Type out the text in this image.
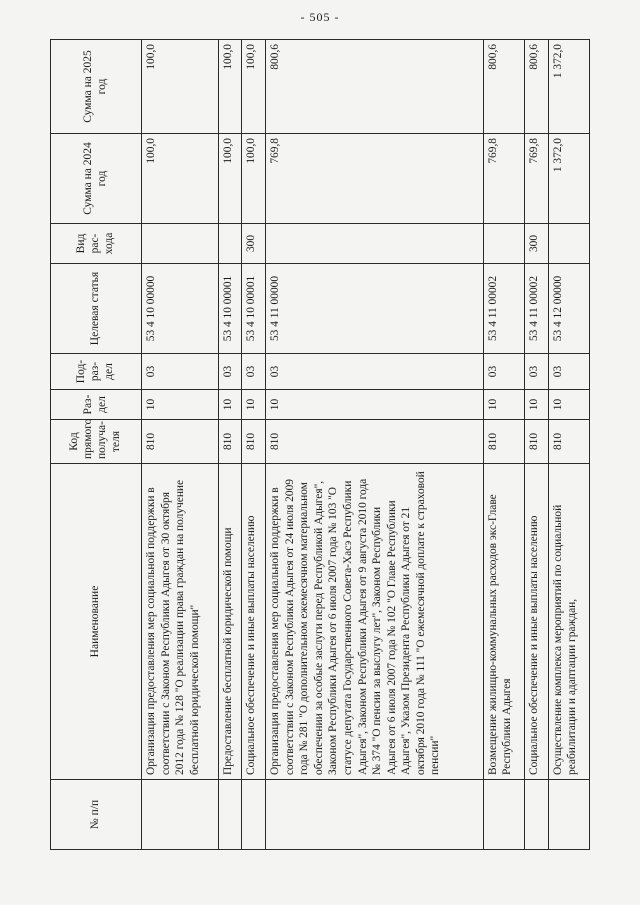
- 505 -
№ п/п	Наименование	Код прямого получа-теля	Раз-дел	Под-раз-дел	Целевая статья	Вид рас-хода	Сумма на 2024 год	Сумма на 2025 год
	Организация предоставления мер социальной поддержки в соответствии с Законом Республики Адыгея от 30 октября 2012 года № 128 "О реализации права граждан на получение бесплатной юридической помощи"	810	10	03	53 4 10 00000		100,0	100,0
	Предоставление бесплатной юридической помощи	810	10	03	53 4 10 00001		100,0	100,0
	Социальное обеспечение и иные выплаты населению	810	10	03	53 4 10 00001	300	100,0	100,0
	Организация предоставления мер социальной поддержки в соответствии с Законом Республики Адыгея от 24 июля 2009 года № 281 "О дополнительном ежемесячном материальном обеспечении за особые заслуги перед Республикой Адыгея", Законом Республики Адыгея от 6 июля 2007 года № 103 "О статусе депутата Государственного Совета-Хасэ Республики Адыгея", Законом Республики Адыгея от 9 августа 2010 года № 374 "О пенсии за выслугу лет", Законом Республики Адыгея от 6 июля 2007 года № 102 "О Главе Республики Адыгея", Указом Президента Республики Адыгея от 21 октября 2010 года № 111 "О ежемесячной доплате к страховой пенсии"	810	10	03	53 4 11 00000		769,8	800,6
	Возмещение жилищно-коммунальных расходов экс-Главе Республики Адыгея	810	10	03	53 4 11 00002		769,8	800,6
	Социальное обеспечение и иные выплаты населению	810	10	03	53 4 11 00002	300	769,8	800,6
	Осуществление комплекса мероприятий по социальной реабилитации и адаптации граждан,	810	10	03	53 4 12 00000		1 372,0	1 372,0
